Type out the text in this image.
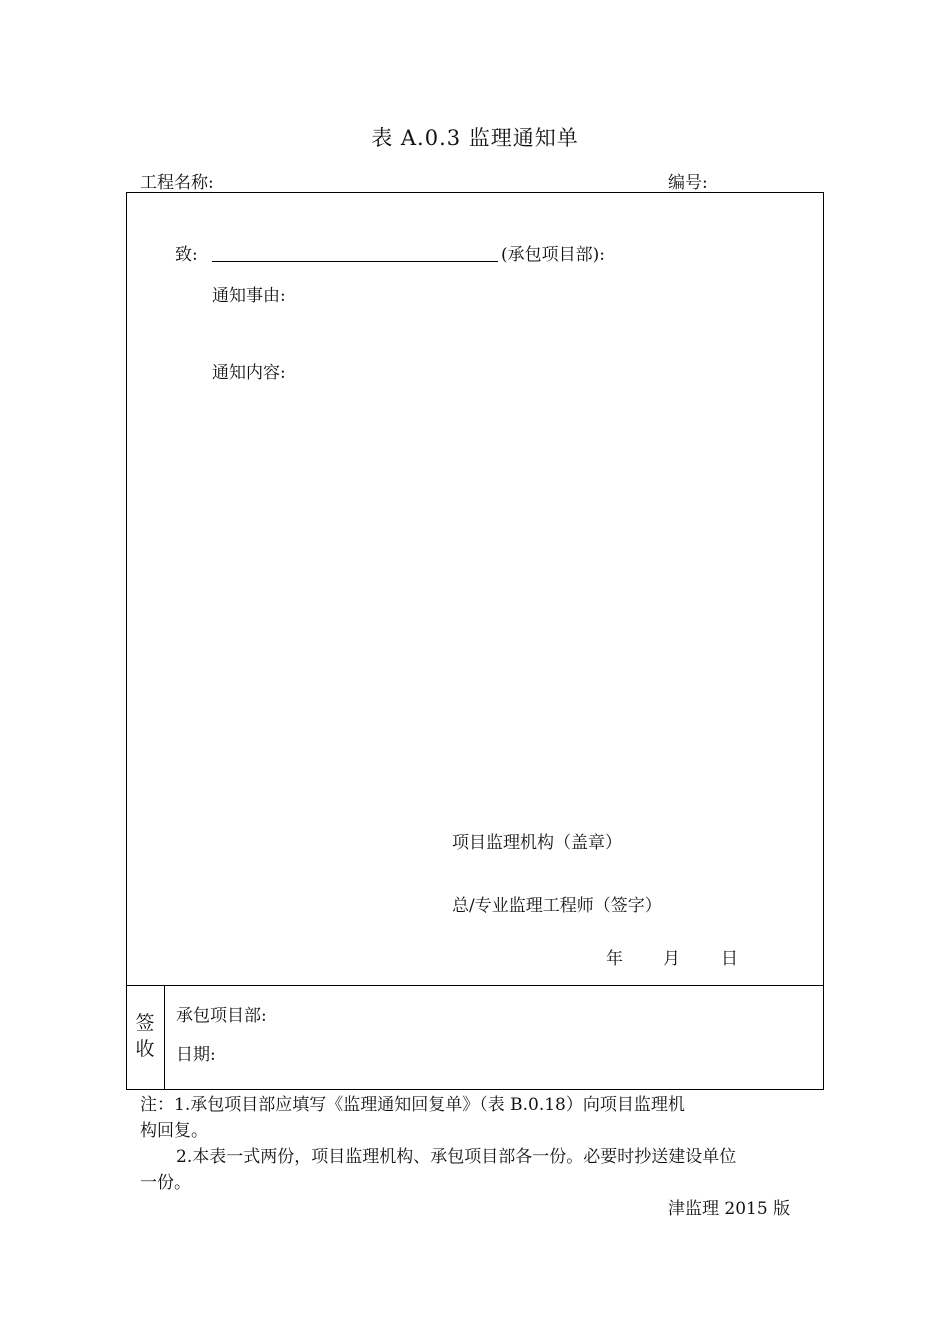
表 A.0.3 监理通知单
工程名称:	编号:
致:	(承包项目部):
通知事由:
通知内容:
项目监理机构（盖章）
总/专业监理工程师（签字）
年 月 日
签
收
承包项目部:
日期:
注：1.承包项目部应填写《监理通知回复单》（表 B.0.18）向项目监理机
构回复。
2.本表一式两份，项目监理机构、承包项目部各一份。必要时抄送建设单位
一份。
津监理 2015 版
